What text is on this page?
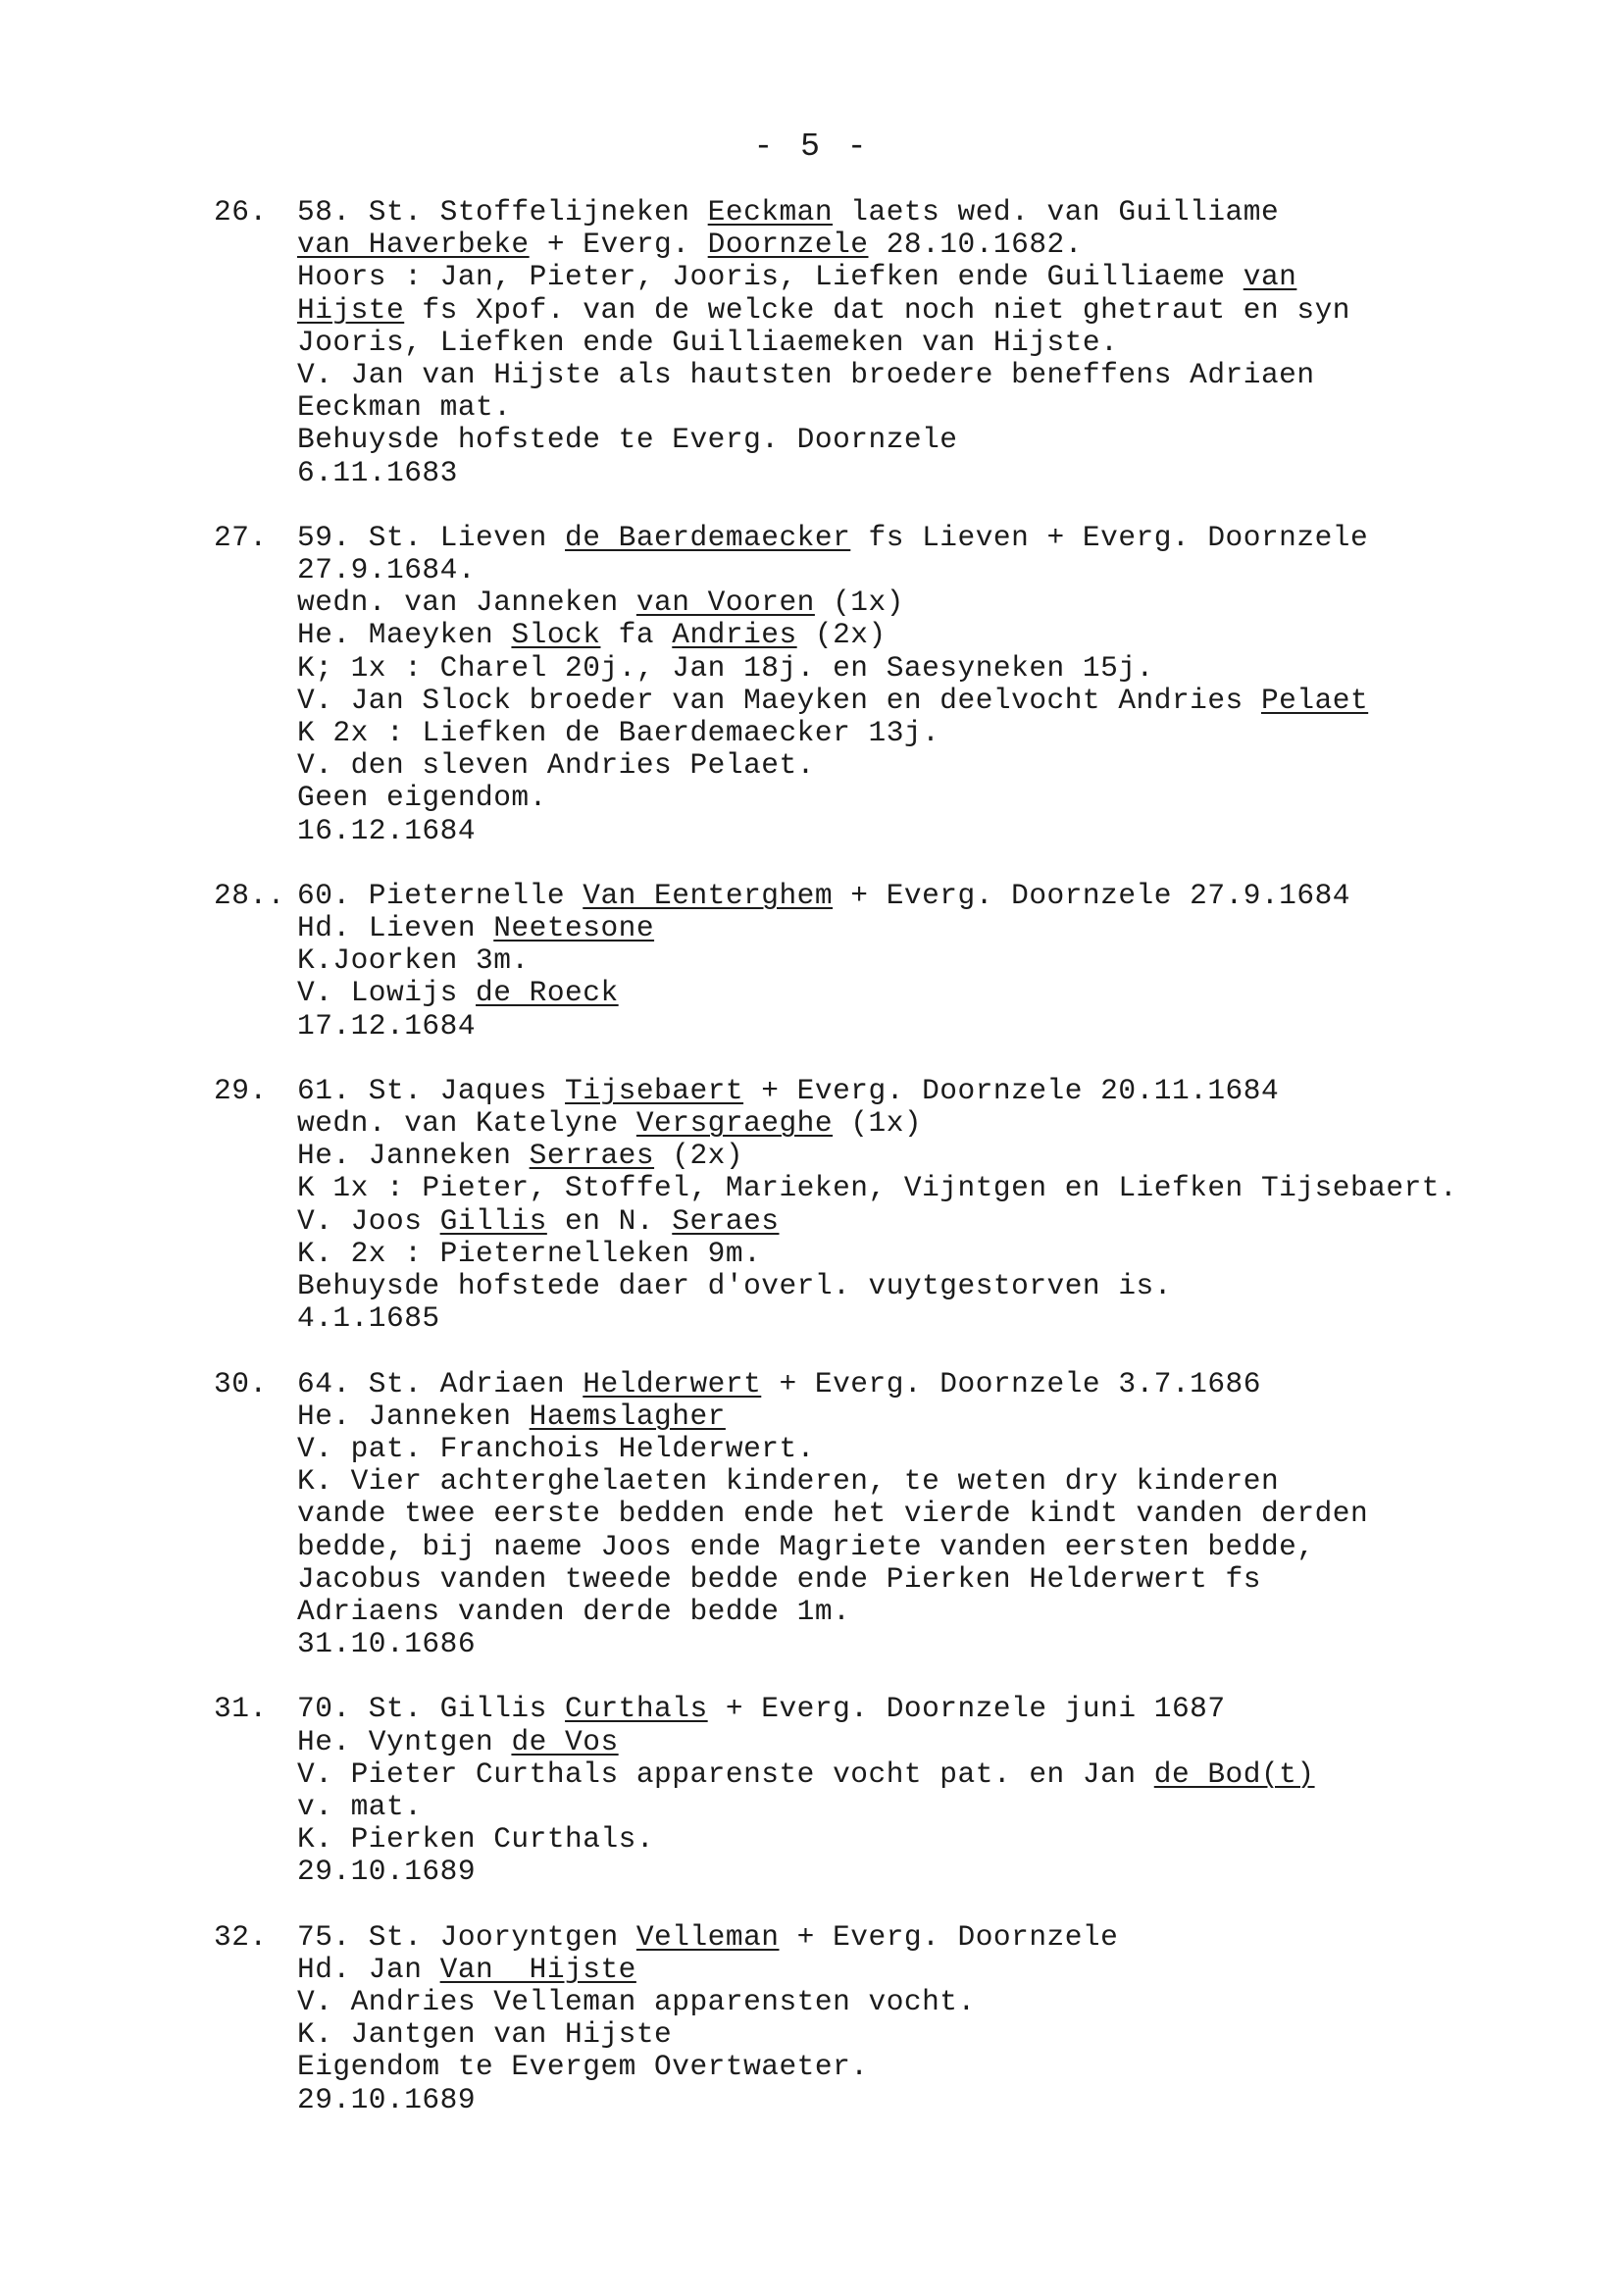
- 5 -
26. 58. St. Stoffelijneken Eeckman laets wed. van Guilliame
van Haverbeke + Everg. Doornzele 28.10.1682.
Hoors : Jan, Pieter, Jooris, Liefken ende Guilliaeme van
Hijste fs Xpof. van de welcke dat noch niet ghetraut en syn
Jooris, Liefken ende Guilliaemeken van Hijste.
V. Jan van Hijste als hautsten broedere beneffens Adriaen
Eeckman mat.
Behuysde hofstede te Everg. Doornzele
6.11.1683
27. 59. St. Lieven de Baerdemaecker fs Lieven + Everg. Doornzele
27.9.1684.
wedn. van Janneken van Vooren (1x)
He. Maeyken Slock fa Andries (2x)
K; 1x : Charel 20j., Jan 18j. en Saesyneken 15j.
V. Jan Slock broeder van Maeyken en deelvocht Andries Pelaet
K 2x : Liefken de Baerdemaecker 13j.
V. den sleven Andries Pelaet.
Geen eigendom.
16.12.1684
28.. 60. Pieternelle Van Eenterghem + Everg. Doornzele 27.9.1684
Hd. Lieven Neetesone
K.Joorken 3m.
V. Lowijs de Roeck
17.12.1684
29. 61. St. Jaques Tijsebaert + Everg. Doornzele 20.11.1684
wedn. van Katelyne Versgraeghe (1x)
He. Janneken Serraes (2x)
K 1x : Pieter, Stoffel, Marieken, Vijntgen en Liefken Tijsebaert.
V. Joos Gillis en N. Seraes
K. 2x : Pieternelleken 9m.
Behuysde hofstede daer d'overl. vuytgestorven is.
4.1.1685
30. 64. St. Adriaen Helderwert + Everg. Doornzele 3.7.1686
He. Janneken Haemslagher
V. pat. Franchois Helderwert.
K. Vier achterghelaeten kinderen, te weten dry kinderen
vande twee eerste bedden ende het vierde kindt vanden derden
bedde, bij naeme Joos ende Magriete vanden eersten bedde,
Jacobus vanden tweede bedde ende Pierken Helderwert fs
Adriaens vanden derde bedde 1m.
31.10.1686
31. 70. St. Gillis Curthals + Everg. Doornzele juni 1687
He. Vyntgen de Vos
V. Pieter Curthals apparenste vocht pat. en Jan de Bod(t)
v. mat.
K. Pierken Curthals.
29.10.1689
32. 75. St. Jooryntgen Velleman + Everg. Doornzele
Hd. Jan Van  Hijste
V. Andries Velleman apparensten vocht.
K. Jantgen van Hijste
Eigendom te Evergem Overtwaeter.
29.10.1689
